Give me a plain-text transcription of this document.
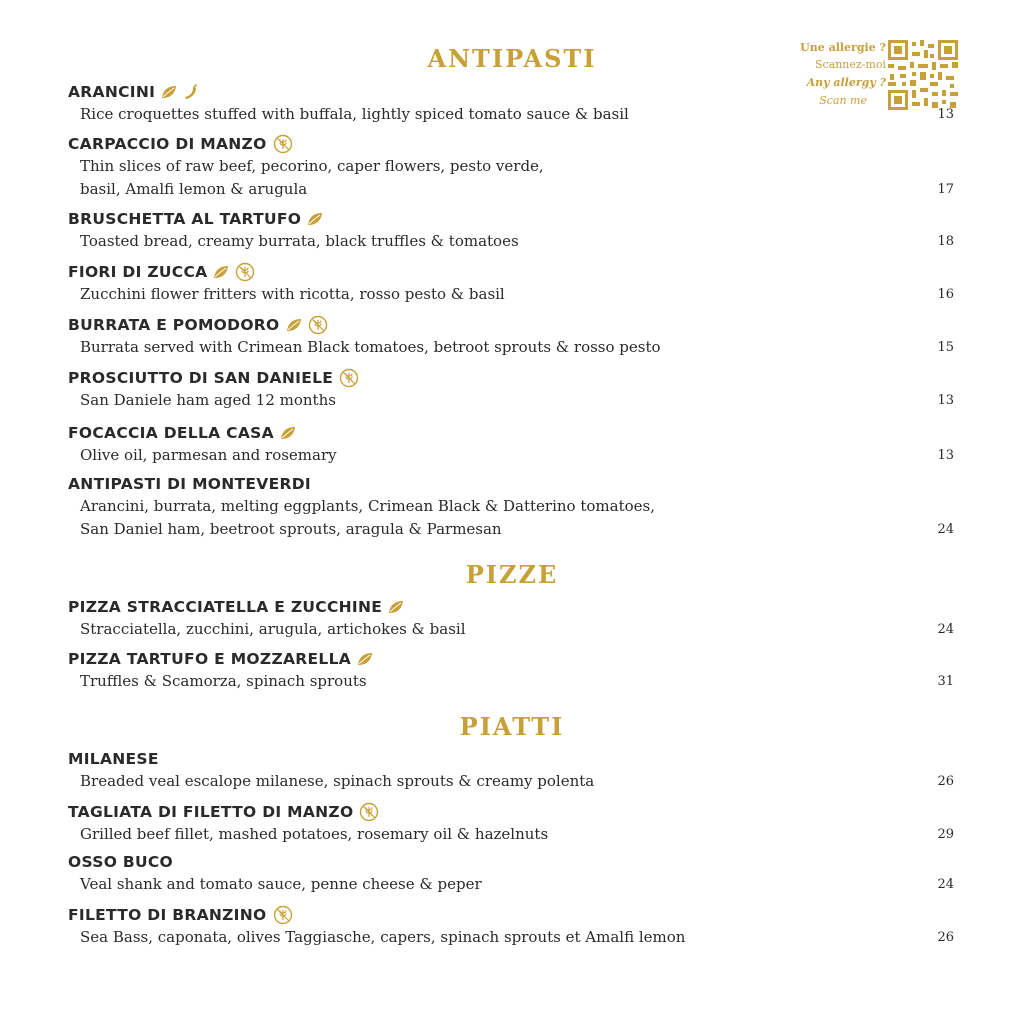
Une allergie ?
Scannez-moi
Any allergy ?
Scan me
ANTIPASTI
ARANCINI
Rice croquettes stuffed with buffala, lightly spiced tomato sauce & basil	13
CARPACCIO DI MANZO
Thin slices of raw beef, pecorino, caper flowers, pesto verde,
basil, Amalfi lemon & arugula	17
BRUSCHETTA AL TARTUFO
Toasted bread, creamy burrata, black truffles & tomatoes	18
FIORI DI ZUCCA
Zucchini flower fritters with ricotta, rosso pesto & basil	16
BURRATA E POMODORO
Burrata served with Crimean Black tomatoes, betroot sprouts & rosso pesto	15
PROSCIUTTO DI SAN DANIELE
San Daniele ham aged 12 months	13
FOCACCIA DELLA CASA
Olive oil, parmesan and rosemary	13
ANTIPASTI DI MONTEVERDI
Arancini, burrata, melting eggplants, Crimean Black & Datterino tomatoes,
San Daniel ham, beetroot sprouts, aragula & Parmesan	24
PIZZE
PIZZA STRACCIATELLA E ZUCCHINE
Stracciatella, zucchini, arugula, artichokes & basil	24
PIZZA TARTUFO E MOZZARELLA
Truffles & Scamorza, spinach sprouts	31
PIATTI
MILANESE
Breaded veal escalope milanese, spinach sprouts & creamy polenta	26
TAGLIATA DI FILETTO DI MANZO
Grilled beef fillet, mashed potatoes, rosemary oil & hazelnuts	29
OSSO BUCO
Veal shank and tomato sauce, penne cheese & peper	24
FILETTO DI BRANZINO
Sea Bass, caponata, olives Taggiasche, capers, spinach sprouts et Amalfi lemon	26
